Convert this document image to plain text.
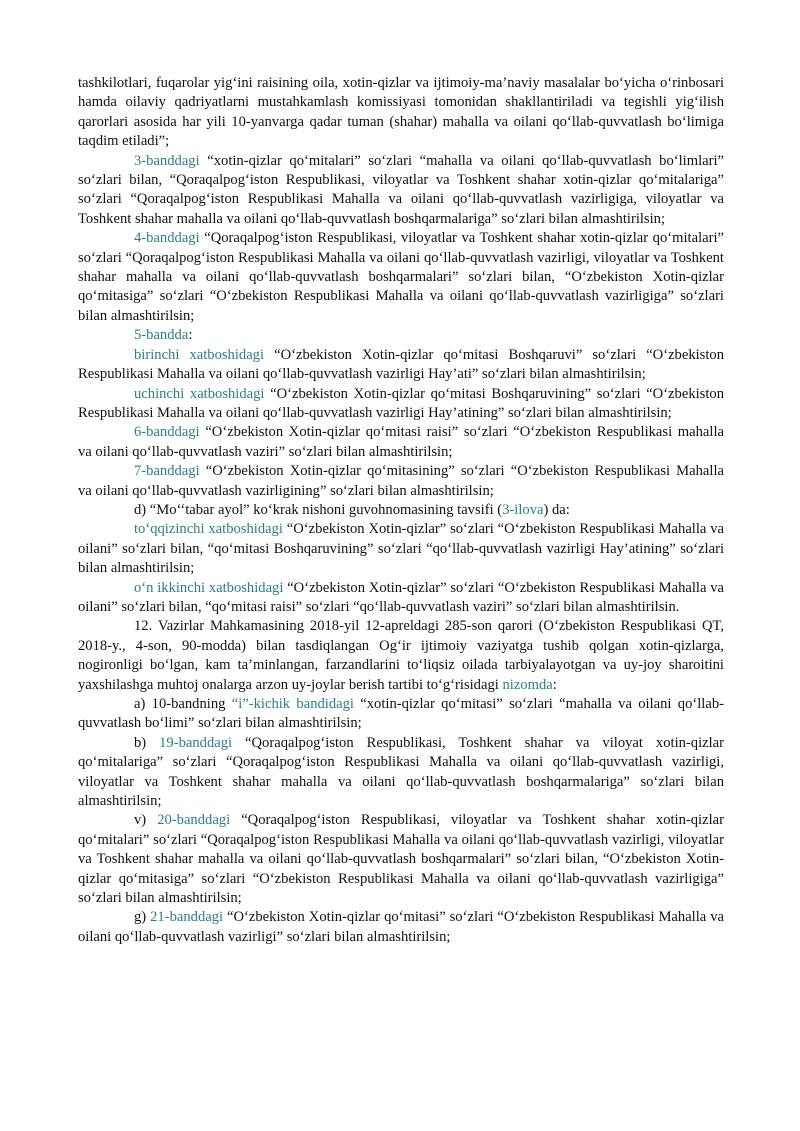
tashkilotlari, fuqarolar yig‘ini raisining oila, xotin-qizlar va ijtimoiy-ma’naviy masalalar bo‘yicha o‘rinbosari hamda oilaviy qadriyatlarni mustahkamlash komissiyasi tomonidan shakllantiriladi va tegishli yig‘ilish qarorlari asosida har yili 10-yanvarga qadar tuman (shahar) mahalla va oilani qo‘llab-quvvatlash bo‘limiga taqdim etiladi”;

3-banddagi “xotin-qizlar qo‘mitalari” so‘zlari “mahalla va oilani qo‘llab-quvvatlash bo‘limlari” so‘zlari bilan, “Qoraqalpog‘iston Respublikasi, viloyatlar va Toshkent shahar xotin-qizlar qo‘mitalariga” so‘zlari “Qoraqalpog‘iston Respublikasi Mahalla va oilani qo‘llab-quvvatlash vazirligiga, viloyatlar va Toshkent shahar mahalla va oilani qo‘llab-quvvatlash boshqarmalariga” so‘zlari bilan almashtirilsin;

4-banddagi “Qoraqalpog‘iston Respublikasi, viloyatlar va Toshkent shahar xotin-qizlar qo‘mitalari” so‘zlari “Qoraqalpog‘iston Respublikasi Mahalla va oilani qo‘llab-quvvatlash vazirligi, viloyatlar va Toshkent shahar mahalla va oilani qo‘llab-quvvatlash boshqarmalari” so‘zlari bilan, “O‘zbekiston Xotin-qizlar qo‘mitasiga” so‘zlari “O‘zbekiston Respublikasi Mahalla va oilani qo‘llab-quvvatlash vazirligiga” so‘zlari bilan almashtirilsin;

5-bandda:

birinchi xatboshidagi “O‘zbekiston Xotin-qizlar qo‘mitasi Boshqaruvi” so‘zlari “O‘zbekiston Respublikasi Mahalla va oilani qo‘llab-quvvatlash vazirligi Hay’ati” so‘zlari bilan almashtirilsin;

uchinchi xatboshidagi “O‘zbekiston Xotin-qizlar qo‘mitasi Boshqaruvining” so‘zlari “O‘zbekiston Respublikasi Mahalla va oilani qo‘llab-quvvatlash vazirligi Hay’atining” so‘zlari bilan almashtirilsin;

6-banddagi “O‘zbekiston Xotin-qizlar qo‘mitasi raisi” so‘zlari “O‘zbekiston Respublikasi mahalla va oilani qo‘llab-quvvatlash vaziri” so‘zlari bilan almashtirilsin;

7-banddagi “O‘zbekiston Xotin-qizlar qo‘mitasining” so‘zlari “O‘zbekiston Respublikasi Mahalla va oilani qo‘llab-quvvatlash vazirligining” so‘zlari bilan almashtirilsin;

d) “Mo‘‘tabar ayol” ko‘krak nishoni guvohnomasining tavsifi (3-ilova) da:

to‘qqizinchi xatboshidagi “O‘zbekiston Xotin-qizlar” so‘zlari “O‘zbekiston Respublikasi Mahalla va oilani” so‘zlari bilan, “qo‘mitasi Boshqaruvining” so‘zlari “qo‘llab-quvvatlash vazirligi Hay’atining” so‘zlari bilan almashtirilsin;

o‘n ikkinchi xatboshidagi “O‘zbekiston Xotin-qizlar” so‘zlari “O‘zbekiston Respublikasi Mahalla va oilani” so‘zlari bilan, “qo‘mitasi raisi” so‘zlari “qo‘llab-quvvatlash vaziri” so‘zlari bilan almashtirilsin.

12. Vazirlar Mahkamasining 2018-yil 12-apreldagi 285-son qarori (O‘zbekiston Respublikasi QT, 2018-y., 4-son, 90-modda) bilan tasdiqlangan Og‘ir ijtimoiy vaziyatga tushib qolgan xotin-qizlarga, nogironligi bo‘lgan, kam ta’minlangan, farzandlarini to‘liqsiz oilada tarbiyalayotgan va uy-joy sharoitini yaxshilashga muhtoj onalarga arzon uy-joylar berish tartibi to‘g‘risidagi nizomda:

a) 10-bandning “i”-kichik bandidagi “xotin-qizlar qo‘mitasi” so‘zlari “mahalla va oilani qo‘llab-quvvatlash bo‘limi” so‘zlari bilan almashtirilsin;

b) 19-banddagi “Qoraqalpog‘iston Respublikasi, Toshkent shahar va viloyat xotin-qizlar qo‘mitalariga” so‘zlari “Qoraqalpog‘iston Respublikasi Mahalla va oilani qo‘llab-quvvatlash vazirligi, viloyatlar va Toshkent shahar mahalla va oilani qo‘llab-quvvatlash boshqarmalariga” so‘zlari bilan almashtirilsin;

v) 20-banddagi “Qoraqalpog‘iston Respublikasi, viloyatlar va Toshkent shahar xotin-qizlar qo‘mitalari” so‘zlari “Qoraqalpog‘iston Respublikasi Mahalla va oilani qo‘llab-quvvatlash vazirligi, viloyatlar va Toshkent shahar mahalla va oilani qo‘llab-quvvatlash boshqarmalari” so‘zlari bilan, “O‘zbekiston Xotin-qizlar qo‘mitasiga” so‘zlari “O‘zbekiston Respublikasi Mahalla va oilani qo‘llab-quvvatlash vazirligiga” so‘zlari bilan almashtirilsin;

g) 21-banddagi “O‘zbekiston Xotin-qizlar qo‘mitasi” so‘zlari “O‘zbekiston Respublikasi Mahalla va oilani qo‘llab-quvvatlash vazirligi” so‘zlari bilan almashtirilsin;
